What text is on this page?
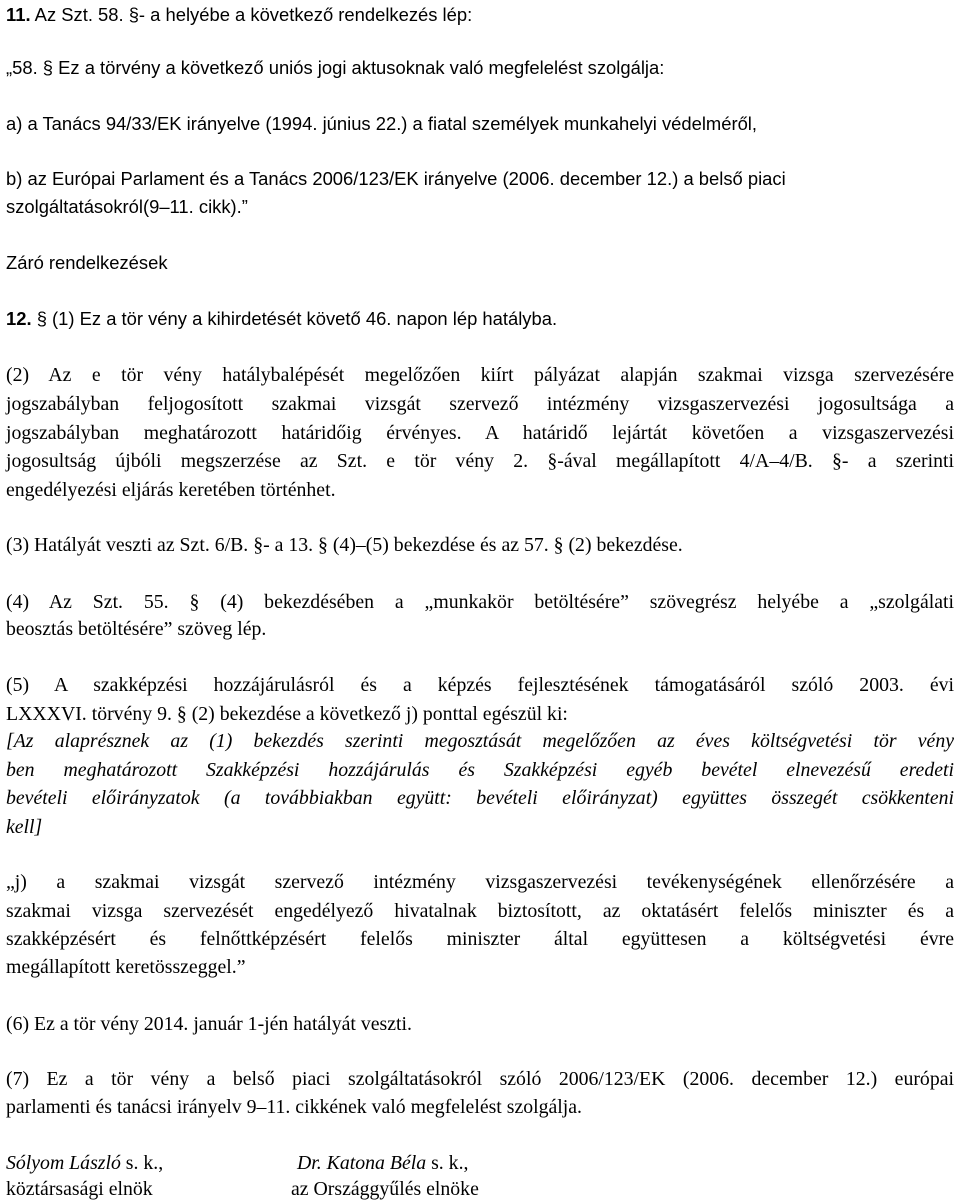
11. Az Szt. 58. §- a helyébe a következő rendelkezés lép:

„58. § Ez a törvény a következő uniós jogi aktusoknak való megfelelést szolgálja:

a) a Tanács 94/33/EK irányelve (1994. június 22.) a fiatal személyek munkahelyi védelméről,

b) az Európai Parlament és a Tanács 2006/123/EK irányelve (2006. december 12.) a belső piaci

szolgáltatásokról(9–11. cikk).”

Záró rendelkezések

12. § (1) Ez a tör vény a kihirdetését követő 46. napon lép hatályba.

(2) Az e tör vény hatálybalépését megelőzően kiírt pályázat alapján szakmai vizsga szervezésére

jogszabályban feljogosított szakmai vizsgát szervező intézmény vizsgaszervezési jogosultsága a

jogszabályban meghatározott határidőig érvényes. A határidő lejártát követően a vizsgaszervezési

jogosultság újbóli megszerzése az Szt. e tör vény 2. §-ával megállapított 4/A–4/B. §- a szerinti

engedélyezési eljárás keretében történhet.

(3) Hatályát veszti az Szt. 6/B. §- a 13. § (4)–(5) bekezdése és az 57. § (2) bekezdése.

(4) Az Szt. 55. § (4) bekezdésében a „munkakör betöltésére” szövegrész helyébe a „szolgálati

beosztás betöltésére” szöveg lép.

(5) A szakképzési hozzájárulásról és a képzés fejlesztésének támogatásáról szóló 2003. évi

LXXXVI. törvény 9. § (2) bekezdése a következő j) ponttal egészül ki:

[Az alaprésznek az (1) bekezdés szerinti megosztását megelőzően az éves költségvetési tör vény

ben meghatározott Szakképzési hozzájárulás és Szakképzési egyéb bevétel elnevezésű eredeti

bevételi előirányzatok (a továbbiakban együtt: bevételi előirányzat) együttes összegét csökkenteni

kell]

„j) a szakmai vizsgát szervező intézmény vizsgaszervezési tevékenységének ellenőrzésére a

szakmai vizsga szervezését engedélyező hivatalnak biztosított, az oktatásért felelős miniszter és a

szakképzésért és felnőttképzésért felelős miniszter által együttesen a költségvetési évre

megállapított keretösszeggel.”

(6) Ez a tör vény 2014. január 1-jén hatályát veszti.

(7) Ez a tör vény a belső piaci szolgáltatásokról szóló 2006/123/EK (2006. december 12.) európai

parlamenti és tanácsi irányelv 9–11. cikkének való megfelelést szolgálja.

Sólyom László s. k.,

köztársasági elnök

Dr. Katona Béla s. k.,

az Országgyűlés elnöke
